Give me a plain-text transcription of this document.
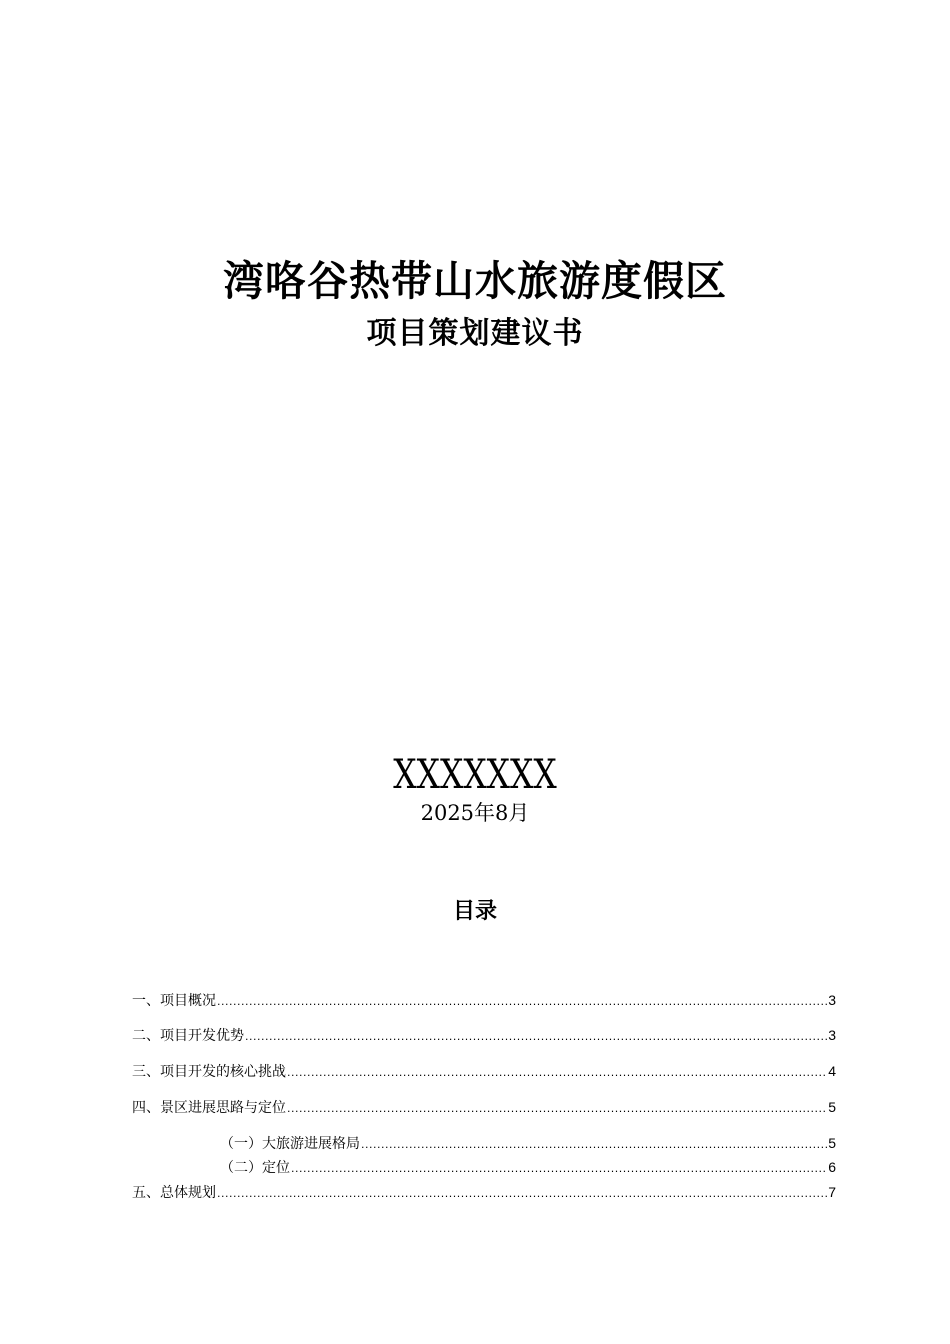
湾咯谷热带山水旅游度假区
项目策划建议书
XXXXXXX
2025年8月
目录
一、项目概况 .....	3
二、项目开发优势 .....	3
三、项目开发的核心挑战 .....	4
四、景区进展思路与定位 .....	5
（一）大旅游进展格局 .....	5
（二）定位 .....	6
五、总体规划 .....	7
